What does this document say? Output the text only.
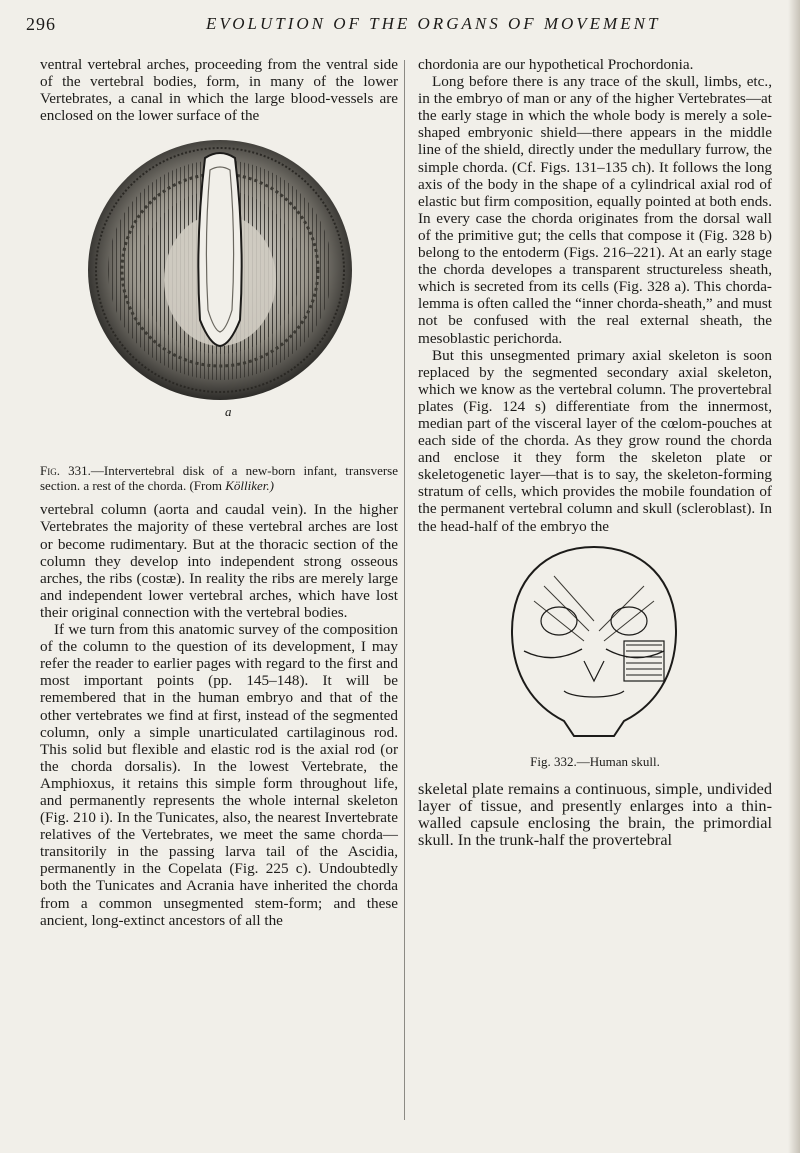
296	EVOLUTION OF THE ORGANS OF MOVEMENT

ventral vertebral arches, proceeding from the ventral side of the vertebral bodies, form, in many of the lower Vertebrates, a canal in which the large blood-vessels are enclosed on the lower surface of the

a
Fig. 331.—Intervertebral disk of a new-born infant, transverse section. a rest of the chorda. (From Kölliker.)

vertebral column (aorta and caudal vein). In the higher Vertebrates the majority of these vertebral arches are lost or become rudimentary. But at the thoracic section of the column they develop into independent strong osseous arches, the ribs (costæ). In reality the ribs are merely large and independent lower vertebral arches, which have lost their original connection with the vertebral bodies.

If we turn from this anatomic survey of the composition of the column to the question of its development, I may refer the reader to earlier pages with regard to the first and most important points (pp. 145–148). It will be remembered that in the human embryo and that of the other vertebrates we find at first, instead of the segmented column, only a simple unarticulated cartilaginous rod. This solid but flexible and elastic rod is the axial rod (or the chorda dorsalis). In the lowest Vertebrate, the Amphioxus, it retains this simple form throughout life, and permanently represents the whole internal skeleton (Fig. 210 i). In the Tunicates, also, the nearest Invertebrate relatives of the Vertebrates, we meet the same chorda—transitorily in the passing larva tail of the Ascidia, permanently in the Copelata (Fig. 225 c). Undoubtedly both the Tunicates and Acrania have inherited the chorda from a common unsegmented stem-form; and these ancient, long-extinct ancestors of all the

chordonia are our hypothetical Prochordonia.

Long before there is any trace of the skull, limbs, etc., in the embryo of man or any of the higher Vertebrates—at the early stage in which the whole body is merely a sole-shaped embryonic shield—there appears in the middle line of the shield, directly under the medullary furrow, the simple chorda. (Cf. Figs. 131–135 ch). It follows the long axis of the body in the shape of a cylindrical axial rod of elastic but firm composition, equally pointed at both ends. In every case the chorda originates from the dorsal wall of the primitive gut; the cells that compose it (Fig. 328 b) belong to the entoderm (Figs. 216–221). At an early stage the chorda developes a transparent structureless sheath, which is secreted from its cells (Fig. 328 a). This chorda-lemma is often called the “inner chorda-sheath,” and must not be confused with the real external sheath, the mesoblastic perichorda.

But this unsegmented primary axial skeleton is soon replaced by the segmented secondary axial skeleton, which we know as the vertebral column. The provertebral plates (Fig. 124 s) differentiate from the innermost, median part of the visceral layer of the cœlom-pouches at each side of the chorda. As they grow round the chorda and enclose it they form the skeleton plate or skeletogenetic layer—that is to say, the skeleton-forming stratum of cells, which provides the mobile foundation of the permanent vertebral column and skull (scleroblast). In the head-half of the embryo the

Fig. 332.—Human skull.

skeletal plate remains a continuous, simple, undivided layer of tissue, and presently enlarges into a thin-walled capsule enclosing the brain, the primordial skull. In the trunk-half the provertebral
